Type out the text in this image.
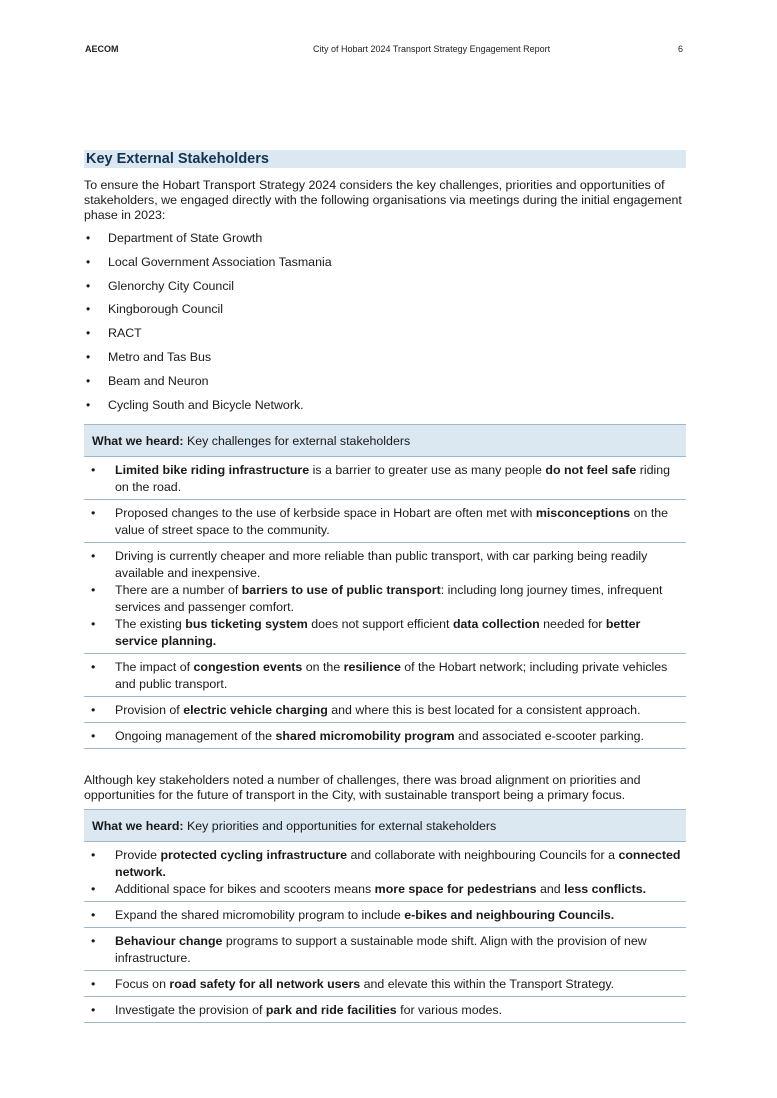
AECOM	City of Hobart 2024 Transport Strategy Engagement Report	6
Key External Stakeholders

To ensure the Hobart Transport Strategy 2024 considers the key challenges, priorities and opportunities of stakeholders, we engaged directly with the following organisations via meetings during the initial engagement phase in 2023:

• Department of State Growth
• Local Government Association Tasmania
• Glenorchy City Council
• Kingborough Council
• RACT
• Metro and Tas Bus
• Beam and Neuron
• Cycling South and Bicycle Network.
What we heard: Key challenges for external stakeholders

• Limited bike riding infrastructure is a barrier to greater use as many people do not feel safe riding on the road.

• Proposed changes to the use of kerbside space in Hobart are often met with misconceptions on the value of street space to the community.

• Driving is currently cheaper and more reliable than public transport, with car parking being readily available and inexpensive.
• There are a number of barriers to use of public transport: including long journey times, infrequent services and passenger comfort.
• The existing bus ticketing system does not support efficient data collection needed for better service planning.

• The impact of congestion events on the resilience of the Hobart network; including private vehicles and public transport.

• Provision of electric vehicle charging and where this is best located for a consistent approach.

• Ongoing management of the shared micromobility program and associated e-scooter parking.

Although key stakeholders noted a number of challenges, there was broad alignment on priorities and opportunities for the future of transport in the City, with sustainable transport being a primary focus.

What we heard: Key priorities and opportunities for external stakeholders

• Provide protected cycling infrastructure and collaborate with neighbouring Councils for a connected network.
• Additional space for bikes and scooters means more space for pedestrians and less conflicts.

• Expand the shared micromobility program to include e-bikes and neighbouring Councils.

• Behaviour change programs to support a sustainable mode shift. Align with the provision of new infrastructure.

• Focus on road safety for all network users and elevate this within the Transport Strategy.

• Investigate the provision of park and ride facilities for various modes.
